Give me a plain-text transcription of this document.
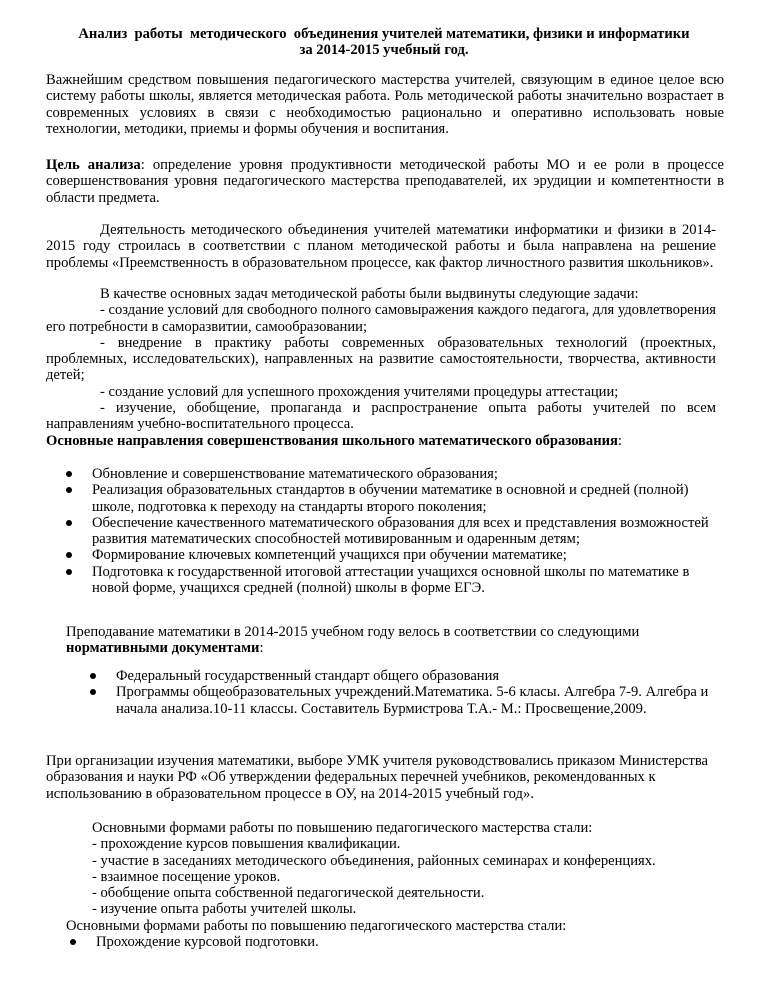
Анализ  работы  методического  объединения учителей математики, физики и информатики
за 2014-2015 учебный год.

Важнейшим средством повышения педагогического мастерства учителей, связующим в единое целое всю систему работы школы, является методическая работа. Роль методической работы значительно возрастает в современных условиях в связи с необходимостью рационально и оперативно использовать новые технологии, методики, приемы и формы обучения и воспитания.

Цель анализа: определение уровня продуктивности методической работы МО и ее роли в процессе совершенствования уровня педагогического мастерства преподавателей, их эрудиции и компетентности в области предмета.

Деятельность методического объединения учителей математики информатики и физики в 2014-2015 году строилась в соответствии с планом методической работы и была направлена на решение проблемы «Преемственность в образовательном процессе, как фактор личностного развития школьников».

В качестве основных задач методической работы были выдвинуты следующие задачи:
- создание условий для свободного полного самовыражения каждого педагога, для удовлетворения его потребности в саморазвитии, самообразовании;
- внедрение в практику работы современных образовательных технологий (проектных, проблемных, исследовательских), направленных на развитие самостоятельности, творчества, активности детей;
- создание условий для успешного прохождения учителями процедуры аттестации;
- изучение, обобщение, пропаганда и распространение опыта работы учителей по всем направлениям учебно-воспитательного процесса.
Основные направления совершенствования школьного математического образования:
Обновление и совершенствование математического образования;
Реализация образовательных стандартов в обучении математике в основной и средней (полной) школе, подготовка к переходу на стандарты второго поколения;
Обеспечение качественного математического образования для всех и представления возможностей развития математических способностей мотивированным и одаренным детям;
Формирование ключевых компетенций учащихся при обучении математике;
Подготовка к государственной итоговой аттестации учащихся основной школы по математике в новой форме, учащихся средней (полной) школы в форме ЕГЭ.

Преподавание математики в 2014-2015 учебном году велось в соответствии со следующими нормативными документами:

Федеральный государственный стандарт общего образования
Программы общеобразовательных учреждений.Математика. 5-6 класы. Алгебра 7-9. Алгебра и начала анализа.10-11 классы. Составитель Бурмистрова Т.А.- М.: Просвещение,2009.

При организации изучения математики, выборе УМК учителя руководствовались приказом Министерства образования и науки РФ «Об утверждении федеральных перечней учебников, рекомендованных к использованию в образовательном процессе в ОУ, на 2014-2015 учебный год».

Основными формами работы по повышению педагогического мастерства стали:
- прохождение курсов повышения квалификации.
- участие в заседаниях методического объединения, районных семинарах и конференциях.
- взаимное посещение уроков.
- обобщение опыта собственной педагогической деятельности.
- изучение опыта работы учителей школы.
Основными формами работы по повышению педагогического мастерства стали:
Прохождение курсовой подготовки.
